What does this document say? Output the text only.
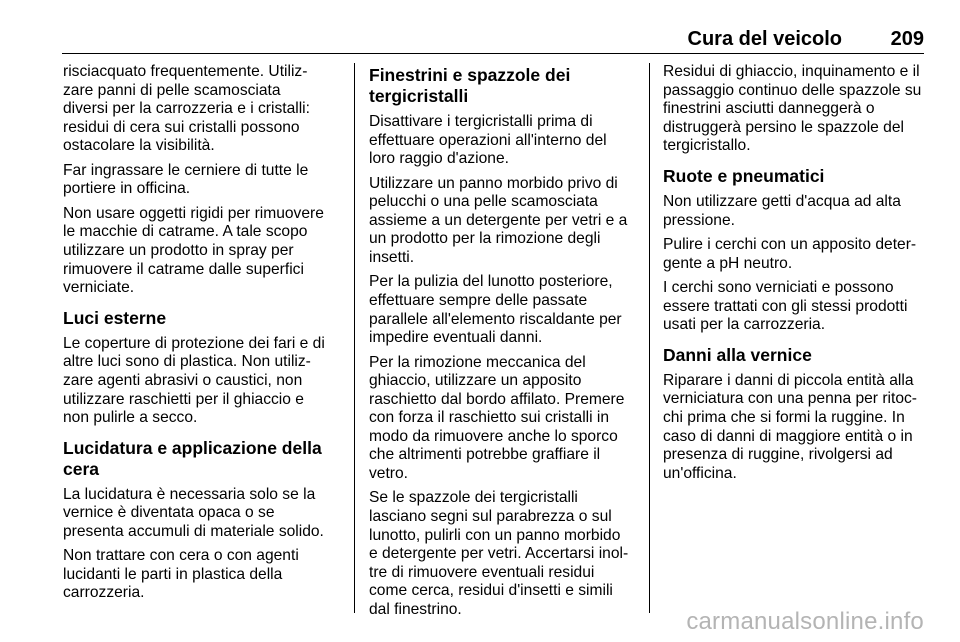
Cura del veicolo 209

risciacquato frequentemente. Utiliz-
zare panni di pelle scamosciata
diversi per la carrozzeria e i cristalli:
residui di cera sui cristalli possono
ostacolare la visibilità.

Far ingrassare le cerniere di tutte le
portiere in officina.

Non usare oggetti rigidi per rimuovere
le macchie di catrame. A tale scopo
utilizzare un prodotto in spray per
rimuovere il catrame dalle superfici
verniciate.

Luci esterne

Le coperture di protezione dei fari e di
altre luci sono di plastica. Non utiliz-
zare agenti abrasivi o caustici, non
utilizzare raschietti per il ghiaccio e
non pulirle a secco.

Lucidatura e applicazione della
cera

La lucidatura è necessaria solo se la
vernice è diventata opaca o se
presenta accumuli di materiale solido.

Non trattare con cera o con agenti
lucidanti le parti in plastica della
carrozzeria.

Finestrini e spazzole dei
tergicristalli

Disattivare i tergicristalli prima di
effettuare operazioni all'interno del
loro raggio d'azione.

Utilizzare un panno morbido privo di
pelucchi o una pelle scamosciata
assieme a un detergente per vetri e a
un prodotto per la rimozione degli
insetti.

Per la pulizia del lunotto posteriore,
effettuare sempre delle passate
parallele all'elemento riscaldante per
impedire eventuali danni.

Per la rimozione meccanica del
ghiaccio, utilizzare un apposito
raschietto dal bordo affilato. Premere
con forza il raschietto sui cristalli in
modo da rimuovere anche lo sporco
che altrimenti potrebbe graffiare il
vetro.

Se le spazzole dei tergicristalli
lasciano segni sul parabrezza o sul
lunotto, pulirli con un panno morbido
e detergente per vetri. Accertarsi inol-
tre di rimuovere eventuali residui
come cerca, residui d'insetti e simili
dal finestrino.

Residui di ghiaccio, inquinamento e il
passaggio continuo delle spazzole su
finestrini asciutti danneggerà o
distruggerà persino le spazzole del
tergicristallo.

Ruote e pneumatici

Non utilizzare getti d'acqua ad alta
pressione.

Pulire i cerchi con un apposito deter-
gente a pH neutro.

I cerchi sono verniciati e possono
essere trattati con gli stessi prodotti
usati per la carrozzeria.

Danni alla vernice

Riparare i danni di piccola entità alla
verniciatura con una penna per ritoc-
chi prima che si formi la ruggine. In
caso di danni di maggiore entità o in
presenza di ruggine, rivolgersi ad
un'officina.

carmanualsonline.info
